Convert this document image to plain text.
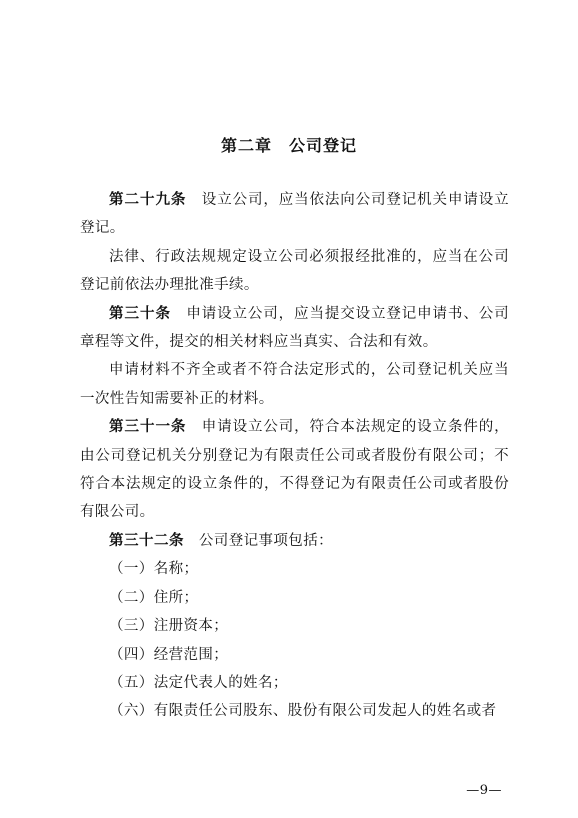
第二章　公司登记

第二十九条　设立公司，应当依法向公司登记机关申请设立登记。

法律、行政法规规定设立公司必须报经批准的，应当在公司登记前依法办理批准手续。

第三十条　申请设立公司，应当提交设立登记申请书、公司章程等文件，提交的相关材料应当真实、合法和有效。

申请材料不齐全或者不符合法定形式的，公司登记机关应当一次性告知需要补正的材料。

第三十一条　申请设立公司，符合本法规定的设立条件的，由公司登记机关分别登记为有限责任公司或者股份有限公司；不符合本法规定的设立条件的，不得登记为有限责任公司或者股份有限公司。

第三十二条　公司登记事项包括：

（一）名称；

（二）住所；

（三）注册资本；

（四）经营范围；

（五）法定代表人的姓名；

（六）有限责任公司股东、股份有限公司发起人的姓名或者

—9—
